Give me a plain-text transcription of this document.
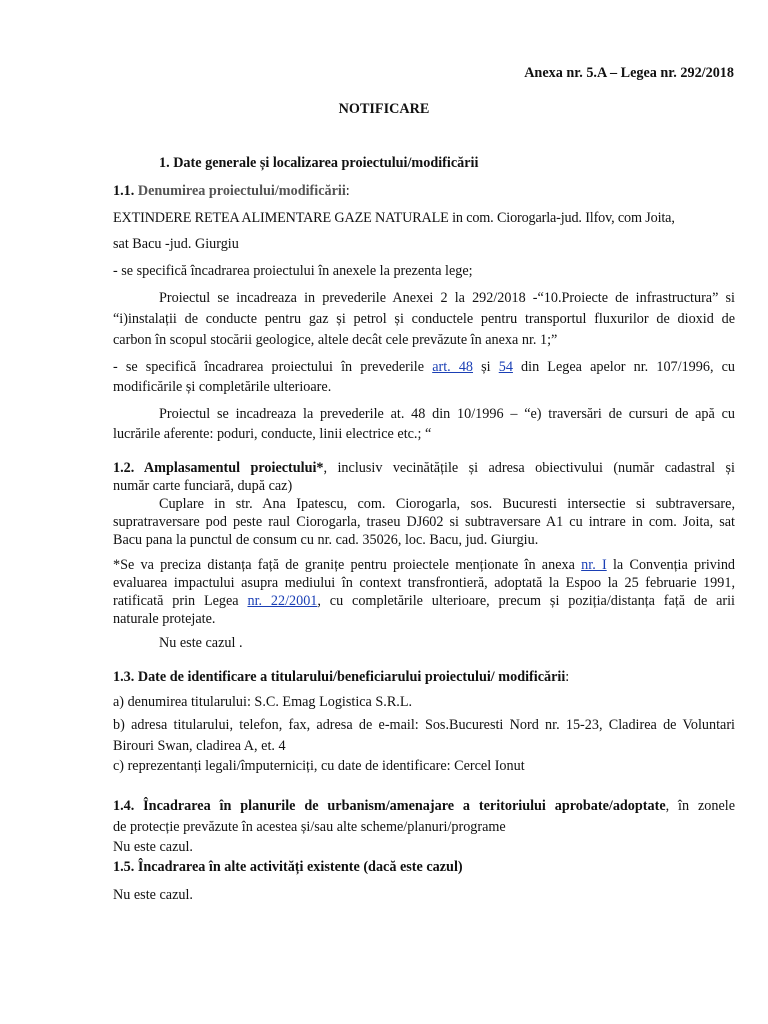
Anexa nr. 5.A – Legea nr. 292/2018
NOTIFICARE
1. Date generale și localizarea proiectului/modificării
1.1. Denumirea proiectului/modificării:
EXTINDERE RETEA ALIMENTARE GAZE NATURALE in com. Ciorogarla-jud. Ilfov, com Joita,
sat Bacu -jud. Giurgiu
- se specifică încadrarea proiectului în anexele la prezenta lege;
Proiectul se incadreaza in prevederile Anexei 2 la 292/2018 -“10.Proiecte de infrastructura” si
“i)instalații de conducte pentru gaz și petrol și conductele pentru transportul fluxurilor de dioxid de
carbon în scopul stocării geologice, altele decât cele prevăzute în anexa nr. 1;”
- se specifică încadrarea proiectului în prevederile art. 48 și 54 din Legea apelor nr. 107/1996, cu
modificările și completările ulterioare.
Proiectul se incadreaza la prevederile at. 48 din 10/1996 – “e) traversări de cursuri de apă cu
lucrările aferente: poduri, conducte, linii electrice etc.; “
1.2. Amplasamentul proiectului*, inclusiv vecinătățile și adresa obiectivului (număr cadastral și
număr carte funciară, după caz)
Cuplare in str. Ana Ipatescu, com. Ciorogarla, sos. Bucuresti intersectie si subtraversare,
supratraversare pod peste raul Ciorogarla, traseu DJ602 si subtraversare A1 cu intrare in com. Joita, sat
Bacu pana la punctul de consum cu nr. cad. 35026, loc. Bacu, jud. Giurgiu.
*Se va preciza distanța față de granițe pentru proiectele menționate în anexa nr. I la Convenția privind
evaluarea impactului asupra mediului în context transfrontieră, adoptată la Espoo la 25 februarie 1991,
ratificată prin Legea nr. 22/2001, cu completările ulterioare, precum și poziția/distanța față de arii
naturale protejate.
Nu este cazul .
1.3. Date de identificare a titularului/beneficiarului proiectului/ modificării:
a) denumirea titularului: S.C. Emag Logistica S.R.L.
b) adresa titularului, telefon, fax, adresa de e-mail: Sos.Bucuresti Nord nr. 15-23, Cladirea de Voluntari
Birouri Swan, cladirea A, et. 4
c) reprezentanți legali/împuterniciți, cu date de identificare: Cercel Ionut
1.4. Încadrarea în planurile de urbanism/amenajare a teritoriului aprobate/adoptate, în zonele
de protecție prevăzute în acestea și/sau alte scheme/planuri/programe
Nu este cazul.
1.5. Încadrarea în alte activități existente (dacă este cazul)
Nu este cazul.
